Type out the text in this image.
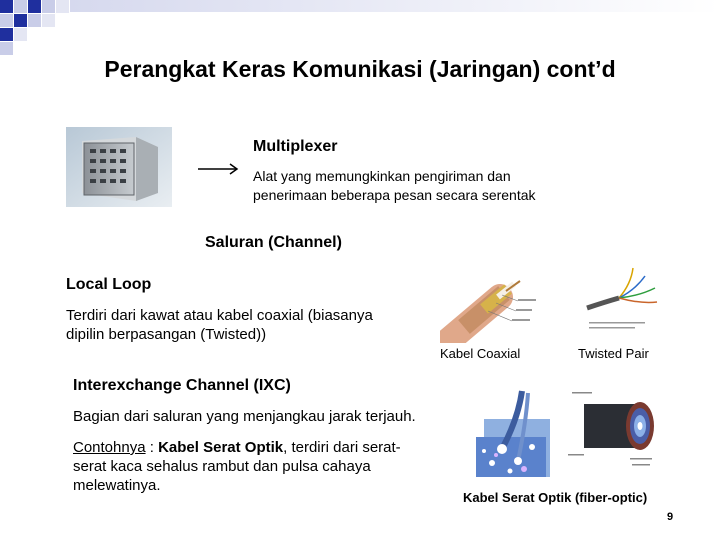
Perangkat Keras Komunikasi (Jaringan) cont’d
Multiplexer
Alat yang memungkinkan pengiriman dan
penerimaan beberapa pesan secara serentak
Saluran (Channel)
Local Loop
Terdiri dari kawat atau kabel coaxial (biasanya
dipilin berpasangan (Twisted))
Kabel Coaxial	Twisted Pair
Interexchange Channel (IXC)
Bagian dari saluran yang menjangkau jarak terjauh.
Contohnya : Kabel Serat Optik, terdiri dari serat-
serat kaca sehalus rambut dan pulsa cahaya
melewatinya.
Kabel Serat Optik (fiber-optic)
9
